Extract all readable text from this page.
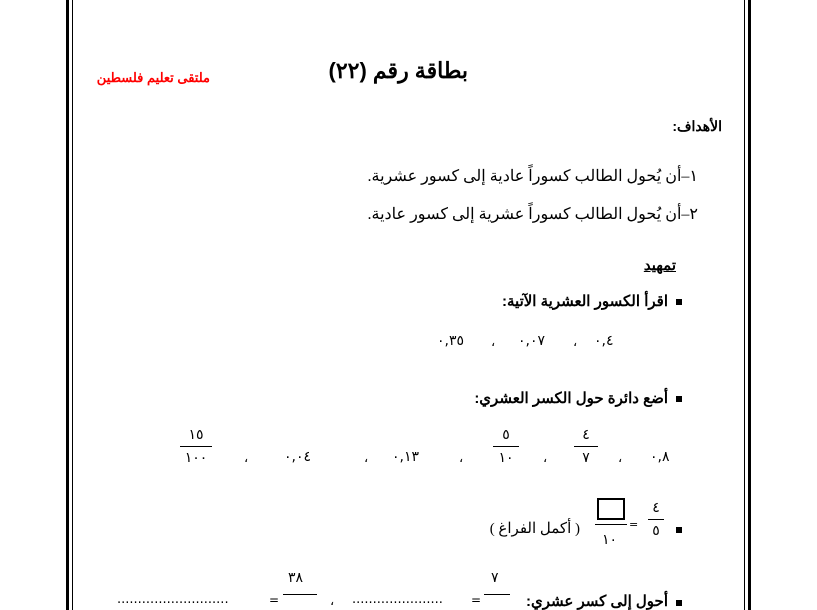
بطاقة رقم (٢٢)
ملتقى تعليم فلسطين
الأهداف:
١–أن يُحول الطالب كسوراً عادية إلى كسور عشرية.
٢–أن يُحول الطالب كسوراً عشرية إلى كسور عادية.
تمهيد
اقرأ الكسور العشرية الآتية:
٠,٤
،
٠,٠٧
،
٠,٣٥
أضع دائرة حول الكسر العشري:
٠,٨
،
٤
٧
،
٥
١٠
،
٠,١٣
،
٠,٠٤
،
١٥
١٠٠
٤
٥
=
١٠
( أكمل الفراغ )
أحول إلى كسر عشري:
٧
=
......................
،
٣٨
=
...........................
